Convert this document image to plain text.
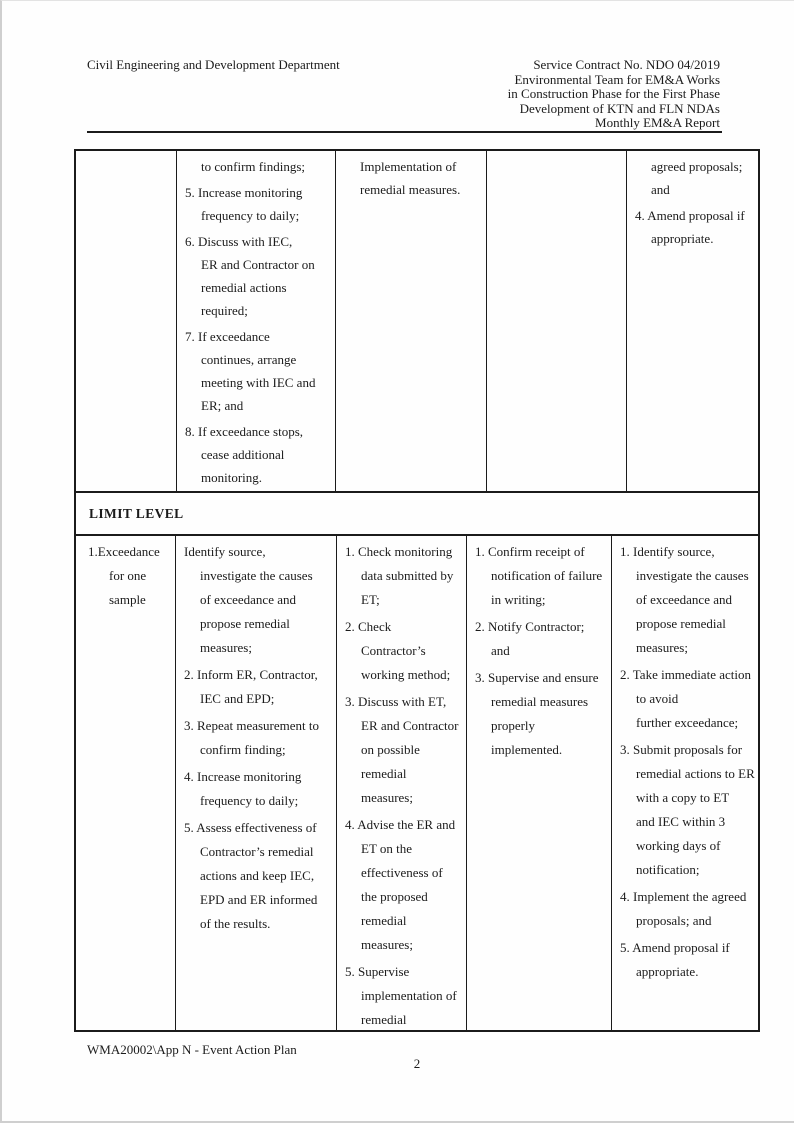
Civil Engineering and Development Department	Service Contract No. NDO 04/2019
Environmental Team for EM&A Works
in Construction Phase for the First Phase
Development of KTN and FLN NDAs
Monthly EM&A Report
to confirm findings;
5. Increase monitoring
frequency to daily;
6. Discuss with IEC,
ER and Contractor on
remedial actions
required;
7. If exceedance
continues, arrange
meeting with IEC and
ER; and
8. If exceedance stops,
cease additional
monitoring.
Implementation of
remedial measures.
agreed proposals;
and
4. Amend proposal if
appropriate.
LIMIT LEVEL
1.Exceedance
for one
sample
Identify source,
investigate the causes
of exceedance and
propose remedial
measures;
2. Inform ER, Contractor,
IEC and EPD;
3. Repeat measurement to
confirm finding;
4. Increase monitoring
frequency to daily;
5. Assess effectiveness of
Contractor’s remedial
actions and keep IEC,
EPD and ER informed
of the results.
1. Check monitoring
data submitted by
ET;
2. Check
Contractor’s
working method;
3. Discuss with ET,
ER and Contractor
on possible
remedial
measures;
4. Advise the ER and
ET on the
effectiveness of
the proposed
remedial
measures;
5. Supervise
implementation of
remedial
1. Confirm receipt of
notification of failure
in writing;
2. Notify Contractor;
and
3. Supervise and ensure
remedial measures
properly
implemented.
1. Identify source,
investigate the causes
of exceedance and
propose remedial
measures;
2. Take immediate action
to avoid
further exceedance;
3. Submit proposals for
remedial actions to ER
with a copy to ET
and IEC within 3
working days of
notification;
4. Implement the agreed
proposals; and
5. Amend proposal if
appropriate.
WMA20002\App N - Event Action Plan
2
